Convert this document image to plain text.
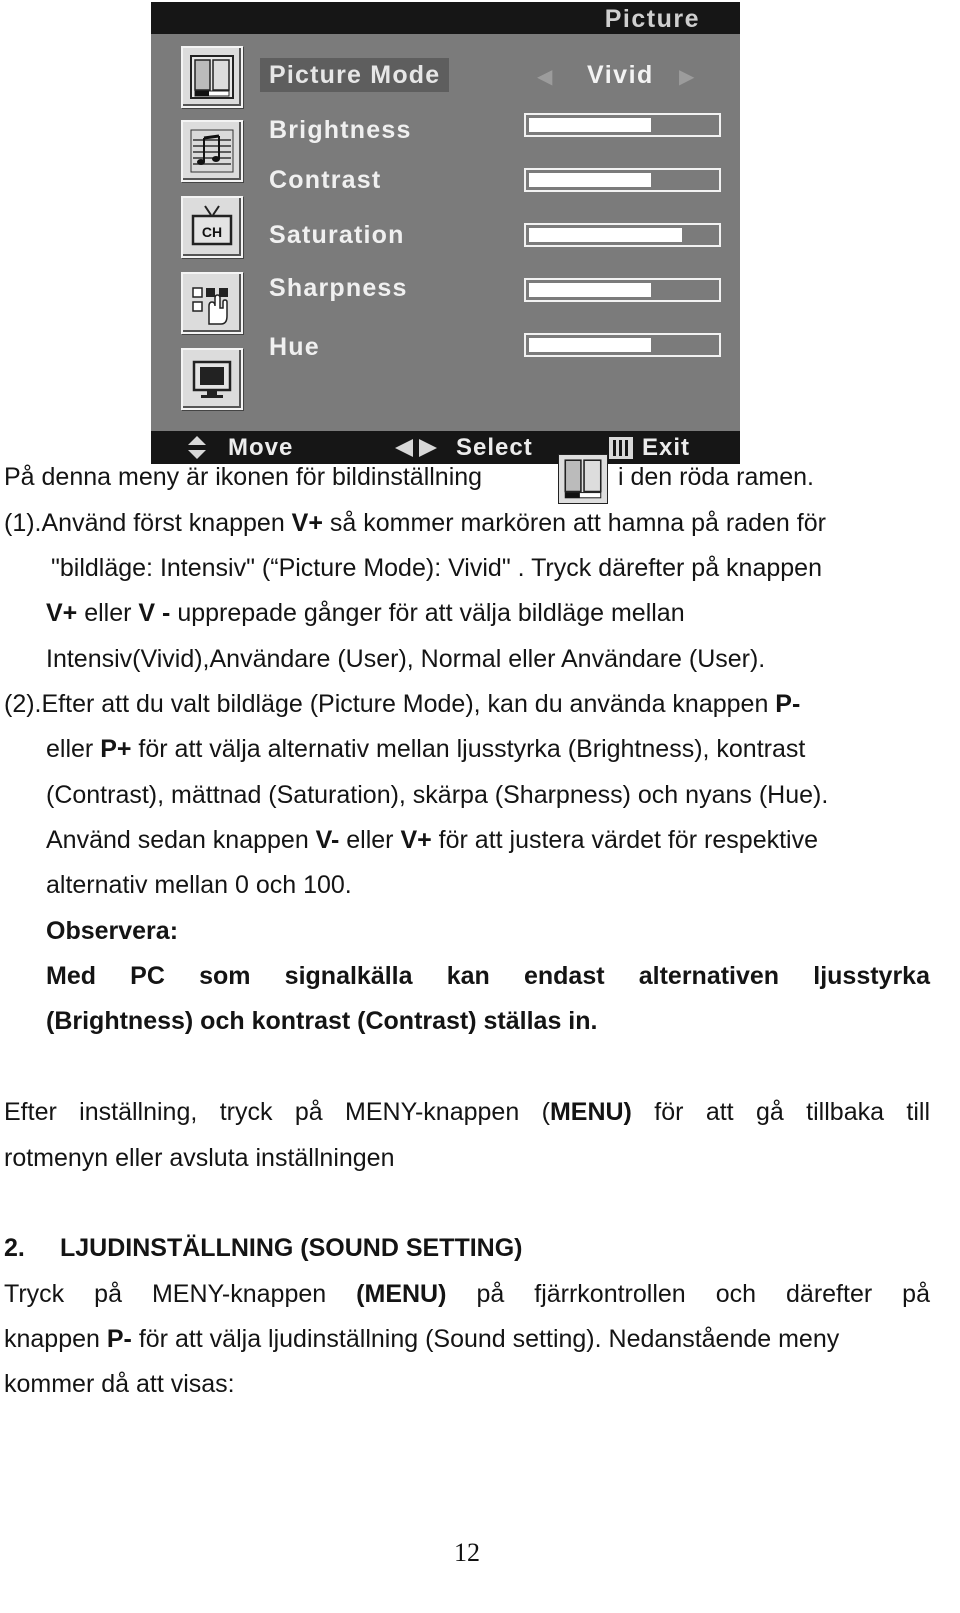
Picture
CH
Picture Mode	◀ Vivid ▶
Brightness
Contrast
Saturation
Sharpness
Hue
Move	Select	Exit
På denna meny är ikonen för bildinställning	i den röda ramen.
(1).Använd först knappen V+ så kommer markören att hamna på raden för
"bildläge: Intensiv" (“Picture Mode): Vivid" . Tryck därefter på knappen
V+ eller V - upprepade gånger för att välja bildläge mellan
Intensiv(Vivid),Användare (User), Normal eller Användare (User).
(2).Efter att du valt bildläge (Picture Mode), kan du använda knappen P-
eller P+ för att välja alternativ mellan ljusstyrka (Brightness), kontrast
(Contrast), mättnad (Saturation), skärpa (Sharpness) och nyans (Hue).
Använd sedan knappen V- eller V+ för att justera värdet för respektive
alternativ mellan 0 och 100.
Observera:
Med PC som signalkälla kan endast alternativen ljusstyrka
(Brightness) och kontrast (Contrast) ställas in.
Efter inställning, tryck på MENY-knappen (MENU) för att gå tillbaka till
rotmenyn eller avsluta inställningen
2. LJUDINSTÄLLNING (SOUND SETTING)
Tryck på MENY-knappen (MENU) på fjärrkontrollen och därefter på
knappen P- för att välja ljudinställning (Sound setting). Nedanstående meny
kommer då att visas:
12
